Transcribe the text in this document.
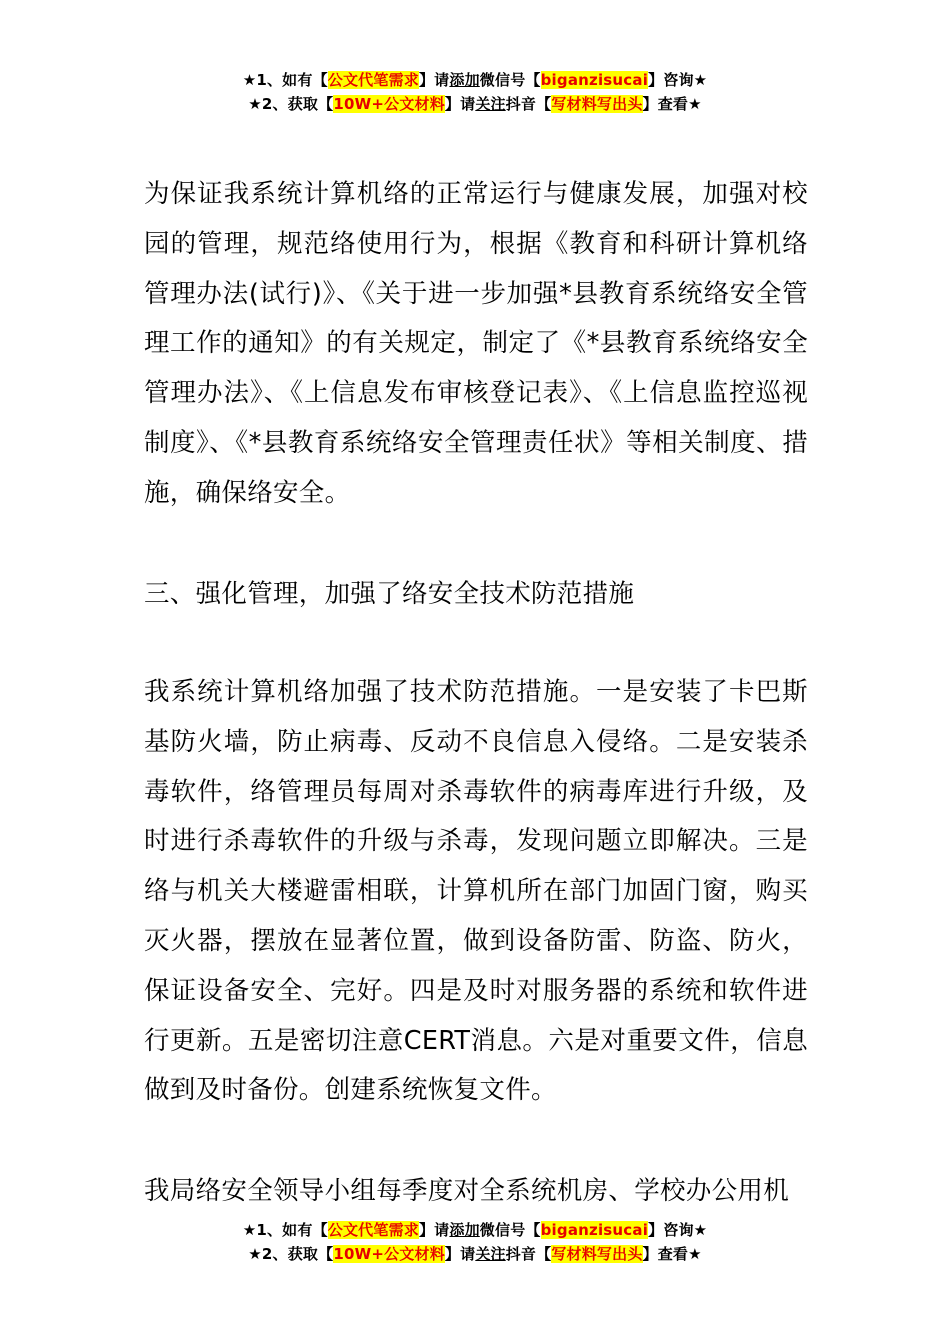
★1、如有【公文代笔需求】请添加微信号【biganzisucai】咨询★
★2、获取【10W+公文材料】请关注抖音【写材料写出头】查看★

为保证我系统计算机络的正常运行与健康发展，加强对校园的管理，规范络使用行为，根据《教育和科研计算机络管理办法(试行)》、《关于进一步加强*县教育系统络安全管理工作的通知》的有关规定，制定了《*县教育系统络安全管理办法》、《上信息发布审核登记表》、《上信息监控巡视制度》、《*县教育系统络安全管理责任状》等相关制度、措施，确保络安全。

三、强化管理，加强了络安全技术防范措施

我系统计算机络加强了技术防范措施。一是安装了卡巴斯基防火墙，防止病毒、反动不良信息入侵络。二是安装杀毒软件，络管理员每周对杀毒软件的病毒库进行升级，及时进行杀毒软件的升级与杀毒，发现问题立即解决。三是络与机关大楼避雷相联，计算机所在部门加固门窗，购买灭火器，摆放在显著位置，做到设备防雷、防盗、防火，保证设备安全、完好。四是及时对服务器的系统和软件进行更新。五是密切注意CERT消息。六是对重要文件，信息做到及时备份。创建系统恢复文件。

我局络安全领导小组每季度对全系统机房、学校办公用机

★1、如有【公文代笔需求】请添加微信号【biganzisucai】咨询★
★2、获取【10W+公文材料】请关注抖音【写材料写出头】查看★
